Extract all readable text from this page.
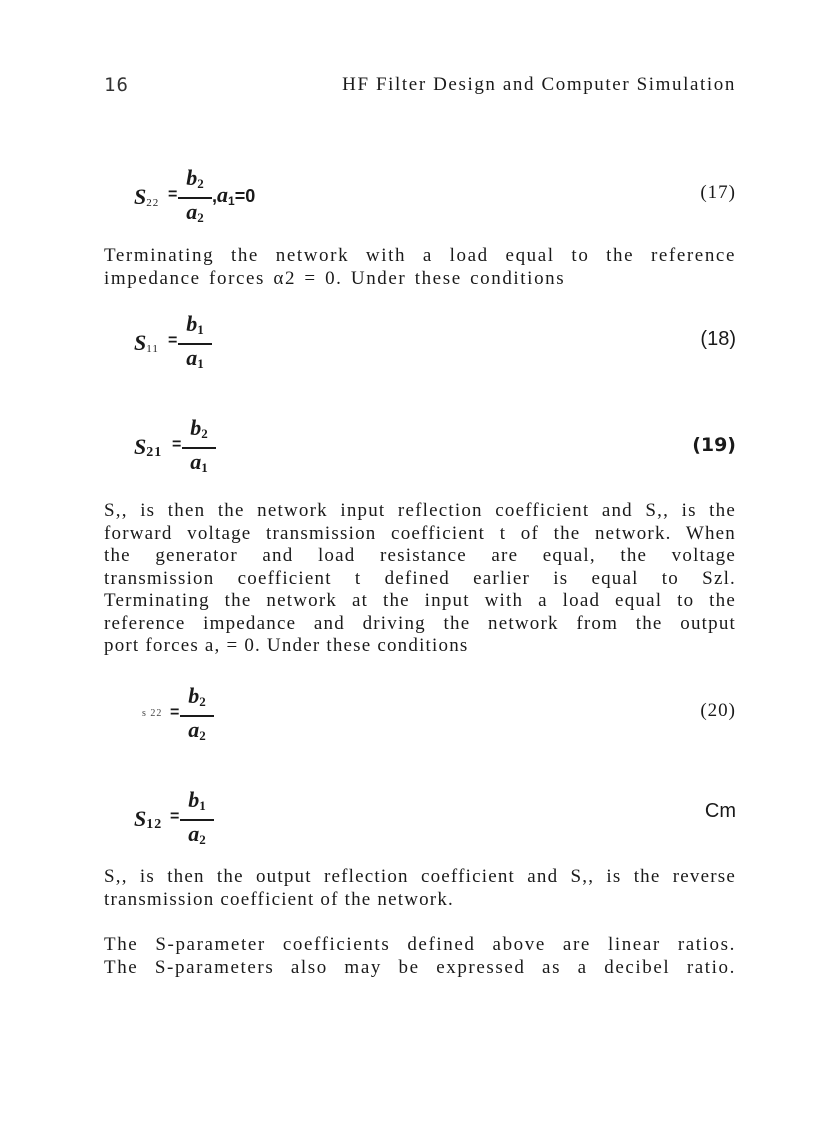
16	HF Filter Design and Computer Simulation
$S_{22}$ =
$b_2$
$a_2$
$,a_1=0$	(17)
Terminating the network with a load equal to the reference
impedance forces α2 = 0. Under these conditions
$S_{11}$ =
$b_1$
$a_1$
(18)
$S_{21}$ =
$b_2$
$a_1$
(19)
S,, is then the network input reflection coefficient and S,, is the
forward voltage transmission coefficient t of the network. When
the generator and load resistance are equal, the voltage
transmission coefficient t defined earlier is equal to Szl.
Terminating the network at the input with a load equal to the
reference impedance and driving the network from the output
port forces a, = 0. Under these conditions
s 22 =
$b_2$
$a_2$
(20)
$S_{12}$ =
$b_1$
$a_2$
Cm
S,, is then the output reflection coefficient and S,, is the reverse
transmission coefficient of the network.
The S-parameter coefficients defined above are linear ratios.
The S-parameters also may be expressed as a decibel ratio.
